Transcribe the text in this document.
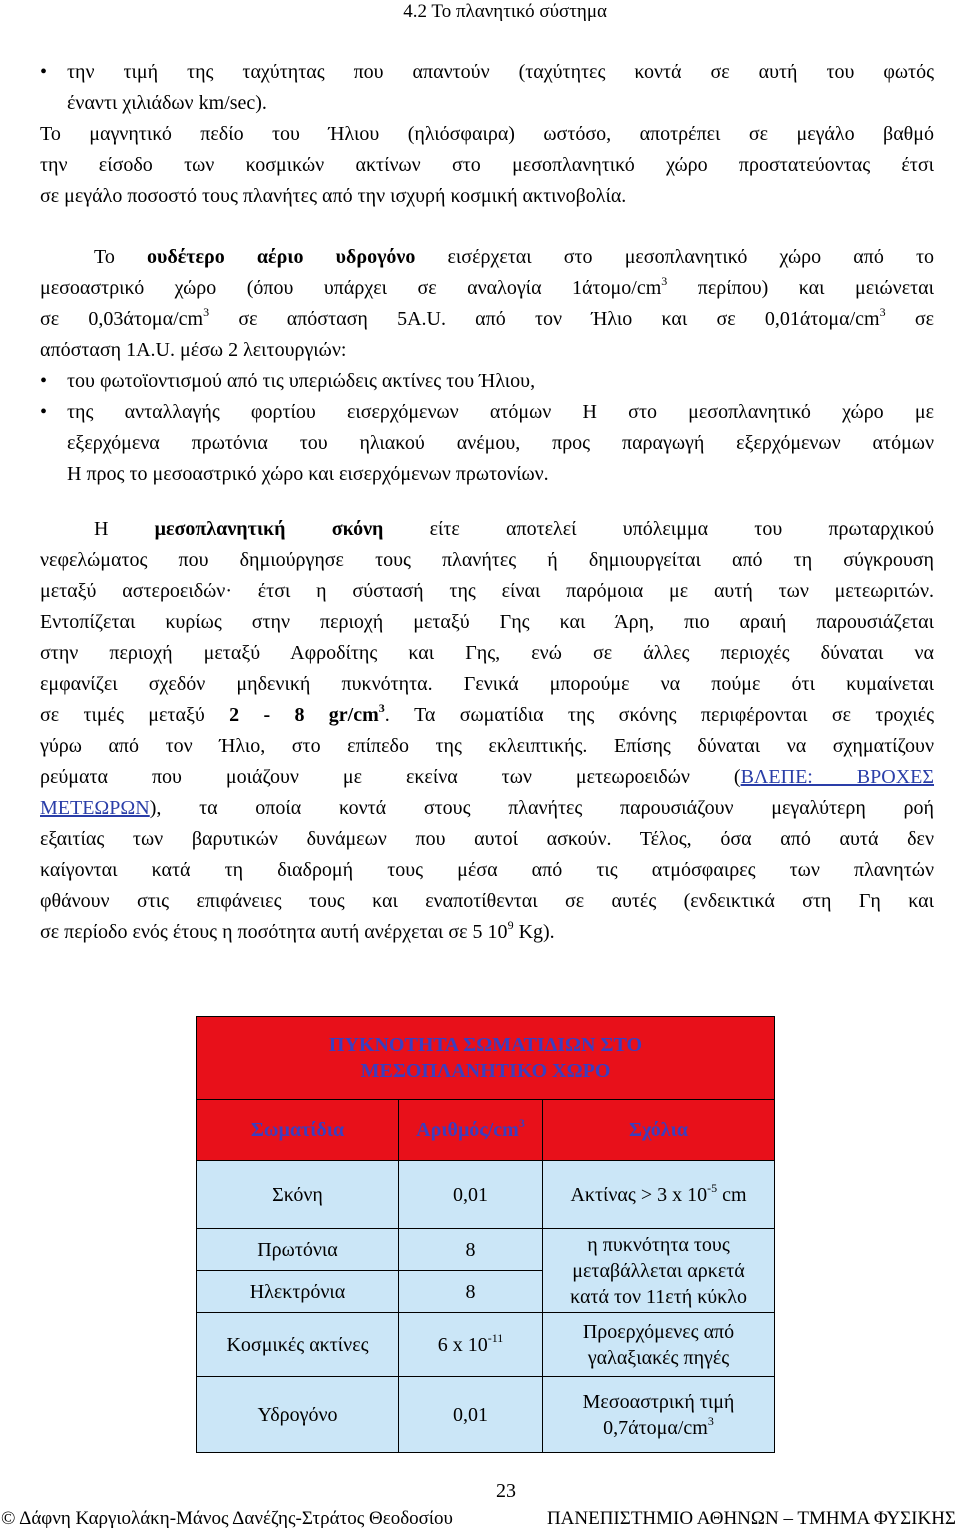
4.2 Το πλανητικό σύστημα
• την τιμή της ταχύτητας που απαντούν (ταχύτητες κοντά σε αυτή του φωτός
έναντι χιλιάδων km/sec).
Το μαγνητικό πεδίο του Ήλιου (ηλιόσφαιρα) ωστόσο, αποτρέπει σε μεγάλο βαθμό
την είσοδο των κοσμικών ακτίνων στο μεσοπλανητικό χώρο προστατεύοντας έτσι
σε μεγάλο ποσοστό τους πλανήτες από την ισχυρή κοσμική ακτινοβολία.
Το ουδέτερο αέριο υδρογόνο εισέρχεται στο μεσοπλανητικό χώρο από το
μεσοαστρικό χώρο (όπου υπάρχει σε αναλογία $1ά\tau o\mu o/cm^3$ περίπου) και μειώνεται
σε $0,03ά\tau o\mu\alpha/cm^3$ σε απόσταση 5A.U. από τον Ήλιο και σε $0,01ά\tau o\mu\alpha/cm^3$ σε
απόσταση 1A.U. μέσω 2 λειτουργιών:
• του φωτοϊοντισμού από τις υπεριώδεις ακτίνες του Ήλιου,
• της ανταλλαγής φορτίου εισερχόμενων ατόμων Η στο μεσοπλανητικό χώρο με
εξερχόμενα πρωτόνια του ηλιακού ανέμου, προς παραγωγή εξερχόμενων ατόμων
Η προς το μεσοαστρικό χώρο και εισερχόμενων πρωτονίων.
Η μεσοπλανητική σκόνη είτε αποτελεί υπόλειμμα του πρωταρχικού
νεφελώματος που δημιούργησε τους πλανήτες ή δημιουργείται από τη σύγκρουση
μεταξύ αστεροειδών· έτσι η σύστασή της είναι παρόμοια με αυτή των μετεωριτών.
Εντοπίζεται κυρίως στην περιοχή μεταξύ Γης και Άρη, πιο αραιή παρουσιάζεται
στην περιοχή μεταξύ Αφροδίτης και Γης, ενώ σε άλλες περιοχές δύναται να
εμφανίζει σχεδόν μηδενική πυκνότητα. Γενικά μπορούμε να πούμε ότι κυμαίνεται
σε τιμές μεταξύ 2 - 8 $gr/cm^3$. Τα σωματίδια της σκόνης περιφέρονται σε τροχιές
γύρω από τον Ήλιο, στο επίπεδο της εκλειπτικής. Επίσης δύναται να σχηματίζουν
ρεύματα που μοιάζουν με εκείνα των μετεωροειδών (ΒΛΕΠΕ: ΒΡΟΧΕΣ
ΜΕΤΕΩΡΩΝ), τα οποία κοντά στους πλανήτες παρουσιάζουν μεγαλύτερη ροή
εξαιτίας των βαρυτικών δυνάμεων που αυτοί ασκούν. Τέλος, όσα από αυτά δεν
καίγονται κατά τη διαδρομή τους μέσα από τις ατμόσφαιρες των πλανητών
φθάνουν στις επιφάνειες τους και εναποτίθενται σε αυτές (ενδεικτικά στη Γη και
σε περίοδο ενός έτους η ποσότητα αυτή ανέρχεται σε 5 $10^9$ Kg).
ΠΥΚΝΟΤΗΤΑ ΣΩΜΑΤΙΔΙΩΝ ΣΤΟ
ΜΕΣΟΠΛΑΝΗΤΙΚΟ ΧΩΡΟ		

Σωματίδια	Αριθμός/$cm^3$	Σχόλια
Σκόνη	0,01	Ακτίνας > 3 x $10^{-5}$ cm
Πρωτόνια	8	η πυκνότητα τους
μεταβάλλεται αρκετά
κατά τον 11ετή κύκλο

Ηλεκτρόνια	8	
Κοσμικές ακτίνες	6 x $10^{-11}$	Προερχόμενες από
γαλαξιακές πηγές

Υδρογόνο	0,01	Μεσοαστρική τιμή
$0,7ά\tau o\mu\alpha/cm^3$
23
© Δάφνη Καργιολάκη-Μάνος Δανέζης-Στράτος Θεοδοσίου	ΠΑΝΕΠΙΣΤΗΜΙΟ ΑΘΗΝΩΝ – ΤΜΗΜΑ ΦΥΣΙΚΗΣ
